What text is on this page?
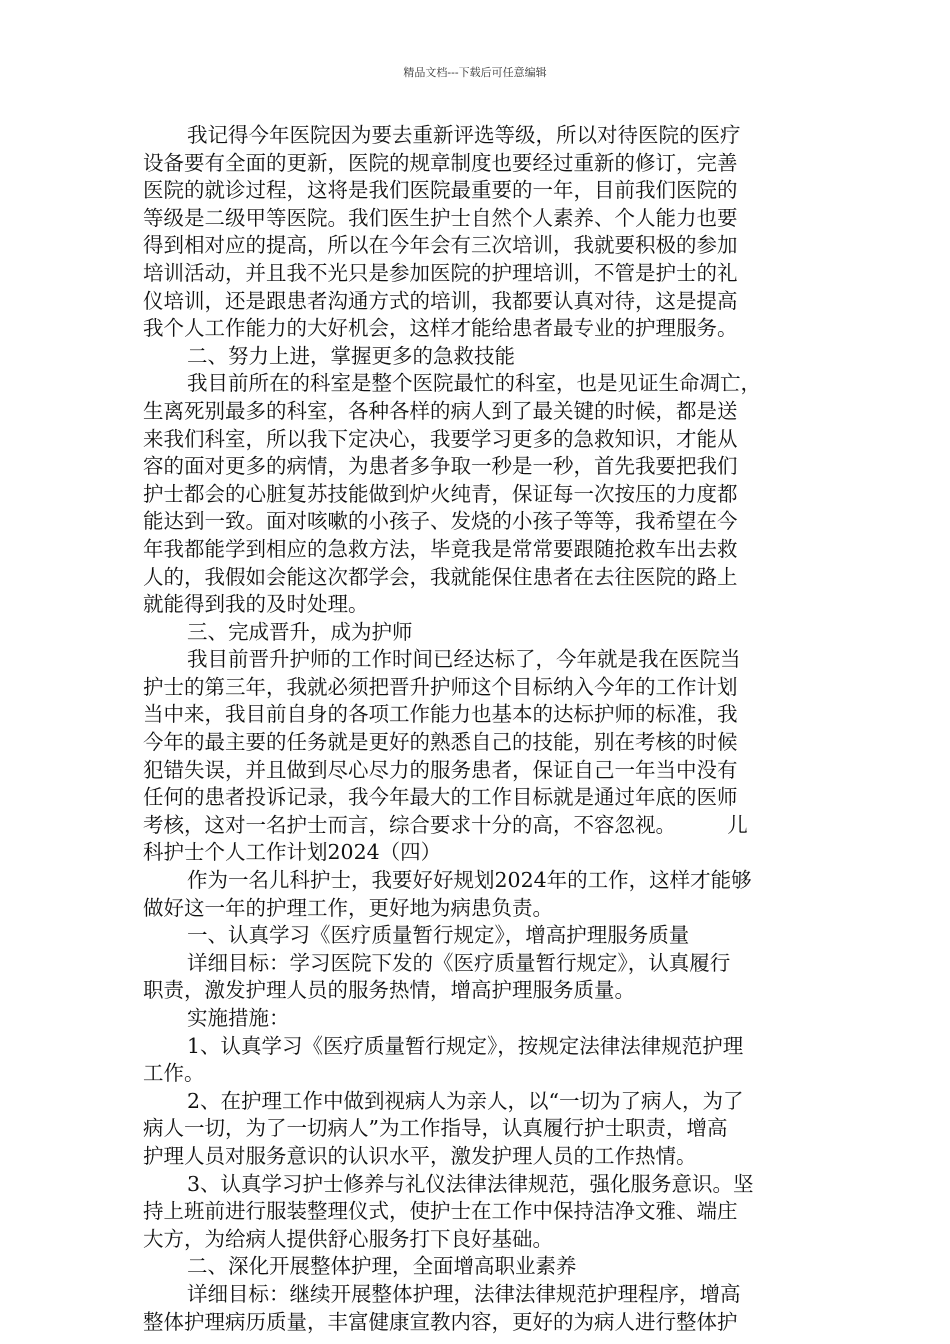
精品文档---下载后可任意编辑
我记得今年医院因为要去重新评选等级，所以对待医院的医疗
设备要有全面的更新，医院的规章制度也要经过重新的修订，完善
医院的就诊过程，这将是我们医院最重要的一年，目前我们医院的
等级是二级甲等医院。我们医生护士自然个人素养、个人能力也要
得到相对应的提高，所以在今年会有三次培训，我就要积极的参加
培训活动，并且我不光只是参加医院的护理培训，不管是护士的礼
仪培训，还是跟患者沟通方式的培训，我都要认真对待，这是提高
我个人工作能力的大好机会，这样才能给患者最专业的护理服务。
二、努力上进，掌握更多的急救技能
我目前所在的科室是整个医院最忙的科室，也是见证生命凋亡，
生离死别最多的科室，各种各样的病人到了最关键的时候，都是送
来我们科室，所以我下定决心，我要学习更多的急救知识，才能从
容的面对更多的病情，为患者多争取一秒是一秒，首先我要把我们
护士都会的心脏复苏技能做到炉火纯青，保证每一次按压的力度都
能达到一致。面对咳嗽的小孩子、发烧的小孩子等等，我希望在今
年我都能学到相应的急救方法，毕竟我是常常要跟随抢救车出去救
人的，我假如会能这次都学会，我就能保住患者在去往医院的路上
就能得到我的及时处理。
三、完成晋升，成为护师
我目前晋升护师的工作时间已经达标了，今年就是我在医院当
护士的第三年，我就必须把晋升护师这个目标纳入今年的工作计划
当中来，我目前自身的各项工作能力也基本的达标护师的标准，我
今年的最主要的任务就是更好的熟悉自己的技能，别在考核的时候
犯错失误，并且做到尽心尽力的服务患者，保证自己一年当中没有
任何的患者投诉记录，我今年最大的工作目标就是通过年底的医师
考核，这对一名护士而言，综合要求十分的高，不容忽视。　　　儿
科护士个人工作计划2024（四）
作为一名儿科护士，我要好好规划2024年的工作，这样才能够
做好这一年的护理工作，更好地为病患负责。
一、认真学习《医疗质量暂行规定》，增高护理服务质量
详细目标：学习医院下发的《医疗质量暂行规定》，认真履行
职责，激发护理人员的服务热情，增高护理服务质量。
实施措施：
1、认真学习《医疗质量暂行规定》，按规定法律法律规范护理
工作。
2、在护理工作中做到视病人为亲人，以“一切为了病人，为了
病人一切，为了一切病人”为工作指导，认真履行护士职责，增高
护理人员对服务意识的认识水平，激发护理人员的工作热情。
3、认真学习护士修养与礼仪法律法律规范，强化服务意识。坚
持上班前进行服装整理仪式，使护士在工作中保持洁净文雅、端庄
大方，为给病人提供舒心服务打下良好基础。
二、深化开展整体护理，全面增高职业素养
详细目标：继续开展整体护理，法律法律规范护理程序，增高
整体护理病历质量，丰富健康宣教内容，更好的为病人进行整体护
